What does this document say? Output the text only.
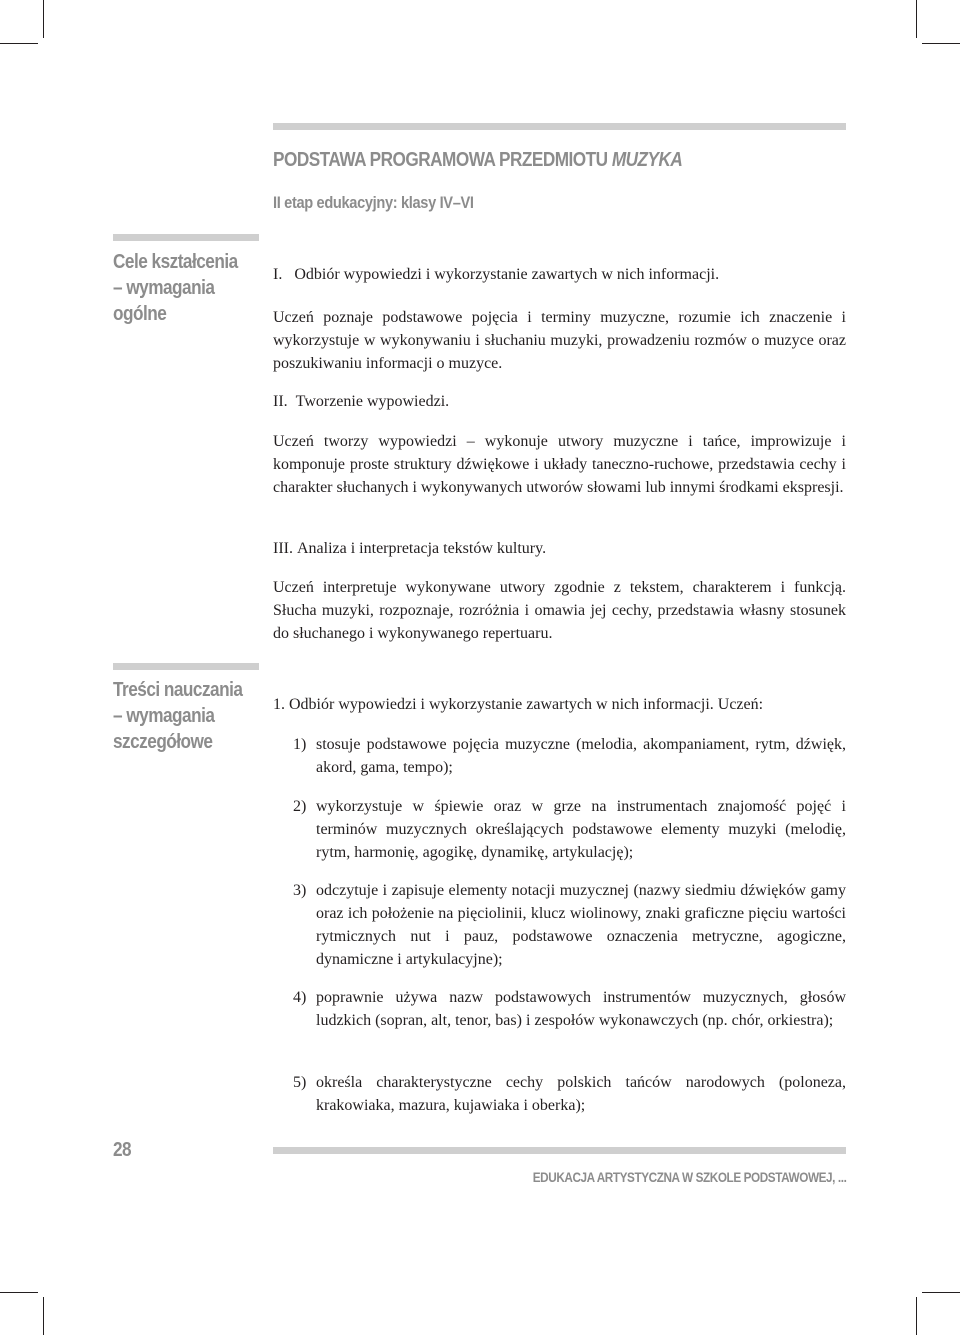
PODSTAWA PROGRAMOWA PRZEDMIOTU MUZYKA
II etap edukacyjny: klasy IV–VI
Cele kształcenia
– wymagania
ogólne
I.   Odbiór wypowiedzi i wykorzystanie zawartych w nich informacji.
Uczeń poznaje podstawowe pojęcia i terminy muzyczne, rozumie ich znaczenie i wykorzystuje w wykonywaniu i słuchaniu muzyki, prowadzeniu rozmów o muzyce oraz poszukiwaniu informacji o muzyce.
II.  Tworzenie wypowiedzi.
Uczeń tworzy wypowiedzi – wykonuje utwory muzyczne i tańce, improwizuje i komponuje proste struktury dźwiękowe i układy taneczno-ruchowe, przedstawia cechy i charakter słuchanych i wykonywanych utworów słowami lub innymi środkami ekspresji.
III. Analiza i interpretacja tekstów kultury.
Uczeń interpretuje wykonywane utwory zgodnie z tekstem, charakterem i funkcją. Słucha muzyki, rozpoznaje, rozróżnia i omawia jej cechy, przedstawia własny stosunek do słuchanego i wykonywanego repertuaru.
Treści nauczania
– wymagania
szczegółowe
1. Odbiór wypowiedzi i wykorzystanie zawartych w nich informacji. Uczeń:
1) stosuje podstawowe pojęcia muzyczne (melodia, akompaniament, rytm, dźwięk, akord, gama, tempo);
2) wykorzystuje w śpiewie oraz w grze na instrumentach znajomość pojęć i terminów muzycznych określających podstawowe elementy muzyki (melodię, rytm, harmonię, agogikę, dynamikę, artykulację);
3) odczytuje i zapisuje elementy notacji muzycznej (nazwy siedmiu dźwięków gamy oraz ich położenie na pięciolinii, klucz wiolinowy, znaki graficzne pięciu wartości rytmicznych nut i pauz, podstawowe oznaczenia metryczne, agogiczne, dynamiczne i artykulacyjne);
4) poprawnie używa nazw podstawowych instrumentów muzycznych, głosów ludzkich (sopran, alt, tenor, bas) i zespołów wykonawczych (np. chór, orkiestra);
5) określa charakterystyczne cechy polskich tańców narodowych (poloneza, krakowiaka, mazura, kujawiaka i oberka);
28
EDUKACJA ARTYSTYCZNA W SZKOLE PODSTAWOWEJ, ...
